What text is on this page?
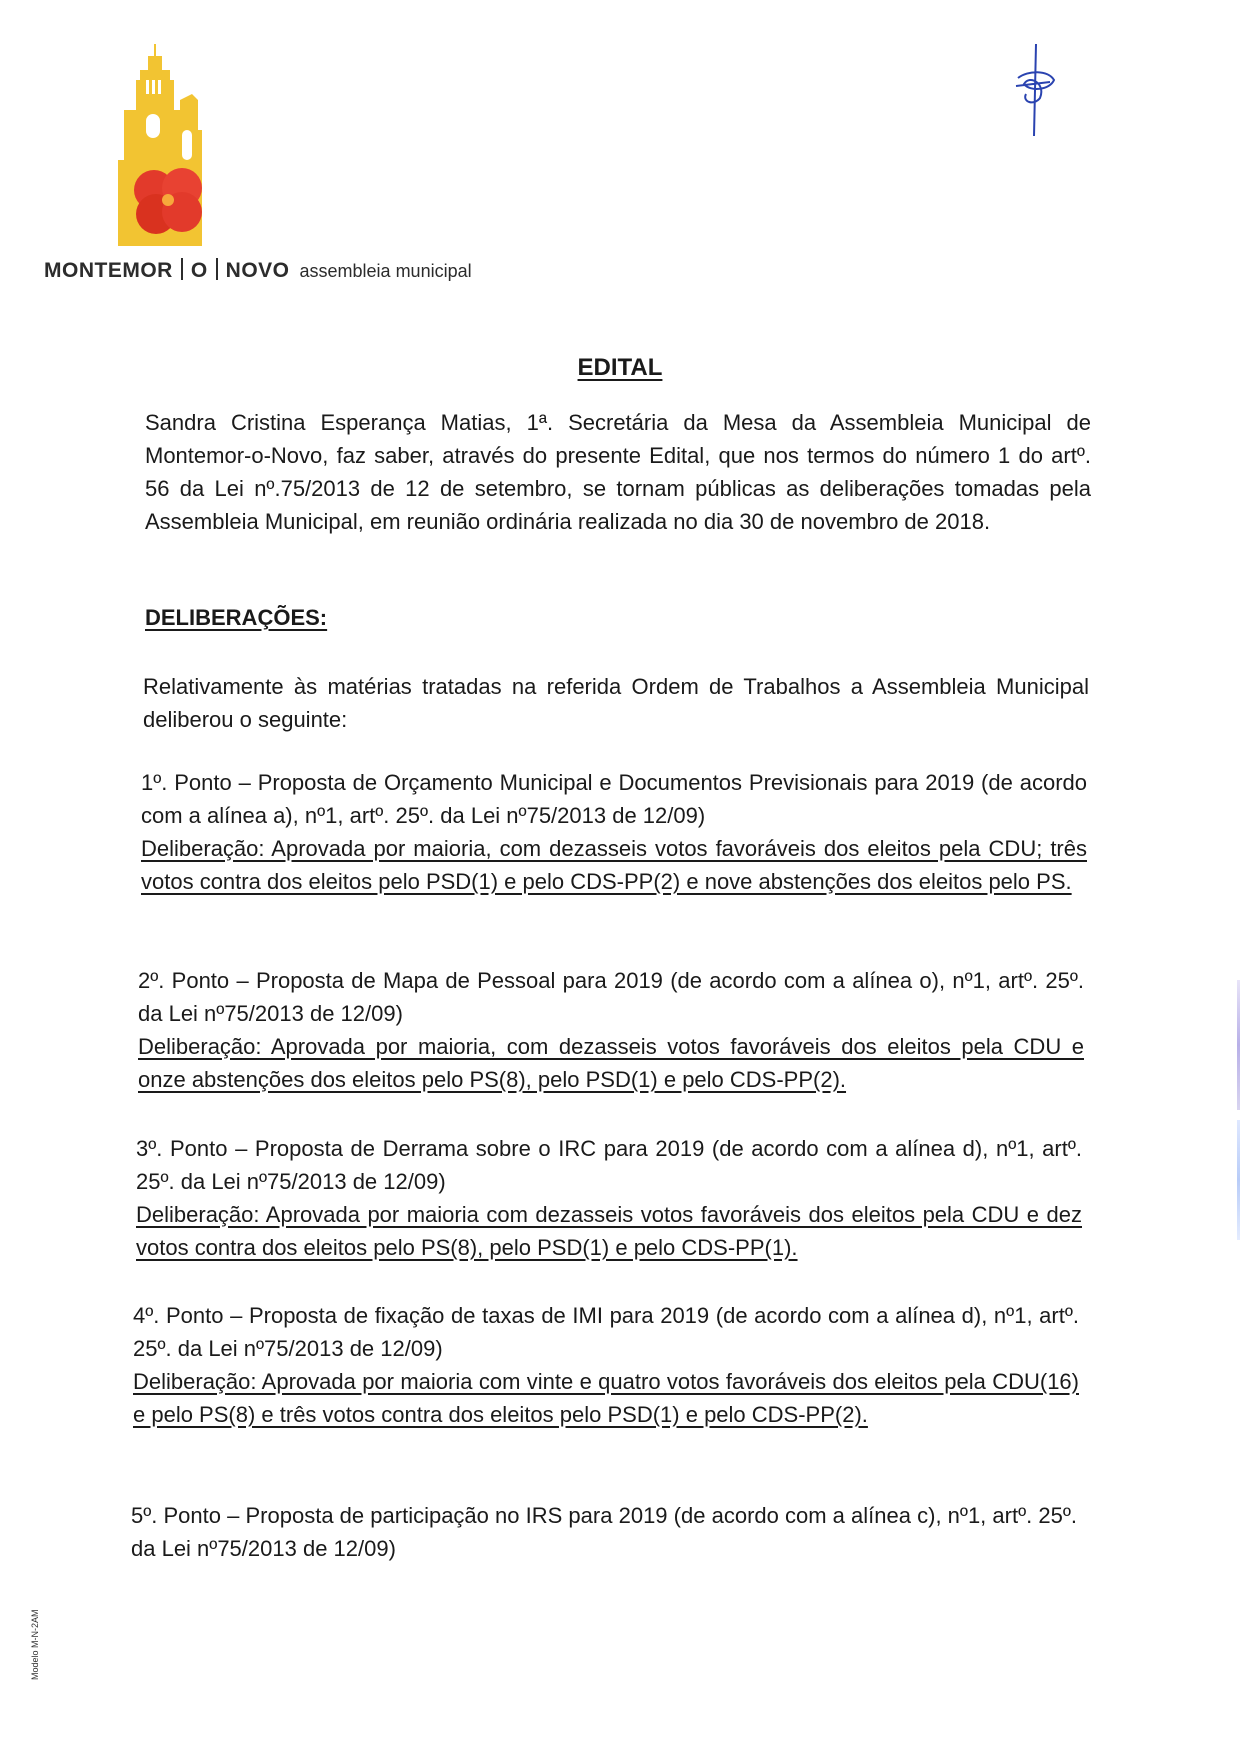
MONTEMOR O NOVO assembleia municipal
EDITAL
Sandra Cristina Esperança Matias, 1ª. Secretária da Mesa da Assembleia Municipal de Montemor-o-Novo, faz saber, através do presente Edital, que nos termos do número 1 do artº. 56 da Lei nº.75/2013 de 12 de setembro, se tornam públicas as deliberações tomadas pela Assembleia Municipal, em reunião ordinária realizada no dia 30 de novembro de 2018.
DELIBERAÇÕES:
Relativamente às matérias tratadas na referida Ordem de Trabalhos a Assembleia Municipal deliberou o seguinte:
1º. Ponto – Proposta de Orçamento Municipal e Documentos Previsionais para 2019 (de acordo com a alínea a), nº1, artº. 25º. da Lei nº75/2013 de 12/09)
Deliberação: Aprovada por maioria, com dezasseis votos favoráveis dos eleitos pela CDU; três votos contra dos eleitos pelo PSD(1) e pelo CDS-PP(2) e nove abstenções dos eleitos pelo PS.
2º. Ponto – Proposta de Mapa de Pessoal para 2019 (de acordo com a alínea o), nº1, artº. 25º. da Lei nº75/2013 de 12/09)
Deliberação: Aprovada por maioria, com dezasseis votos favoráveis dos eleitos pela CDU e onze abstenções dos eleitos pelo PS(8), pelo PSD(1) e pelo CDS-PP(2).
3º. Ponto – Proposta de Derrama sobre o IRC para 2019 (de acordo com a alínea d), nº1, artº. 25º. da Lei nº75/2013 de 12/09)
Deliberação: Aprovada por maioria com dezasseis votos favoráveis dos eleitos pela CDU e dez votos contra dos eleitos pelo PS(8), pelo PSD(1) e pelo CDS-PP(1).
4º. Ponto – Proposta de fixação de taxas de IMI para 2019 (de acordo com a alínea d), nº1, artº. 25º. da Lei nº75/2013 de 12/09)
Deliberação: Aprovada por maioria com vinte e quatro votos favoráveis dos eleitos pela CDU(16) e pelo PS(8) e três votos contra dos eleitos pelo PSD(1) e pelo CDS-PP(2).
5º. Ponto – Proposta de participação no IRS para 2019 (de acordo com a alínea c), nº1, artº. 25º. da Lei nº75/2013 de 12/09)
Modelo M-N-2AM
